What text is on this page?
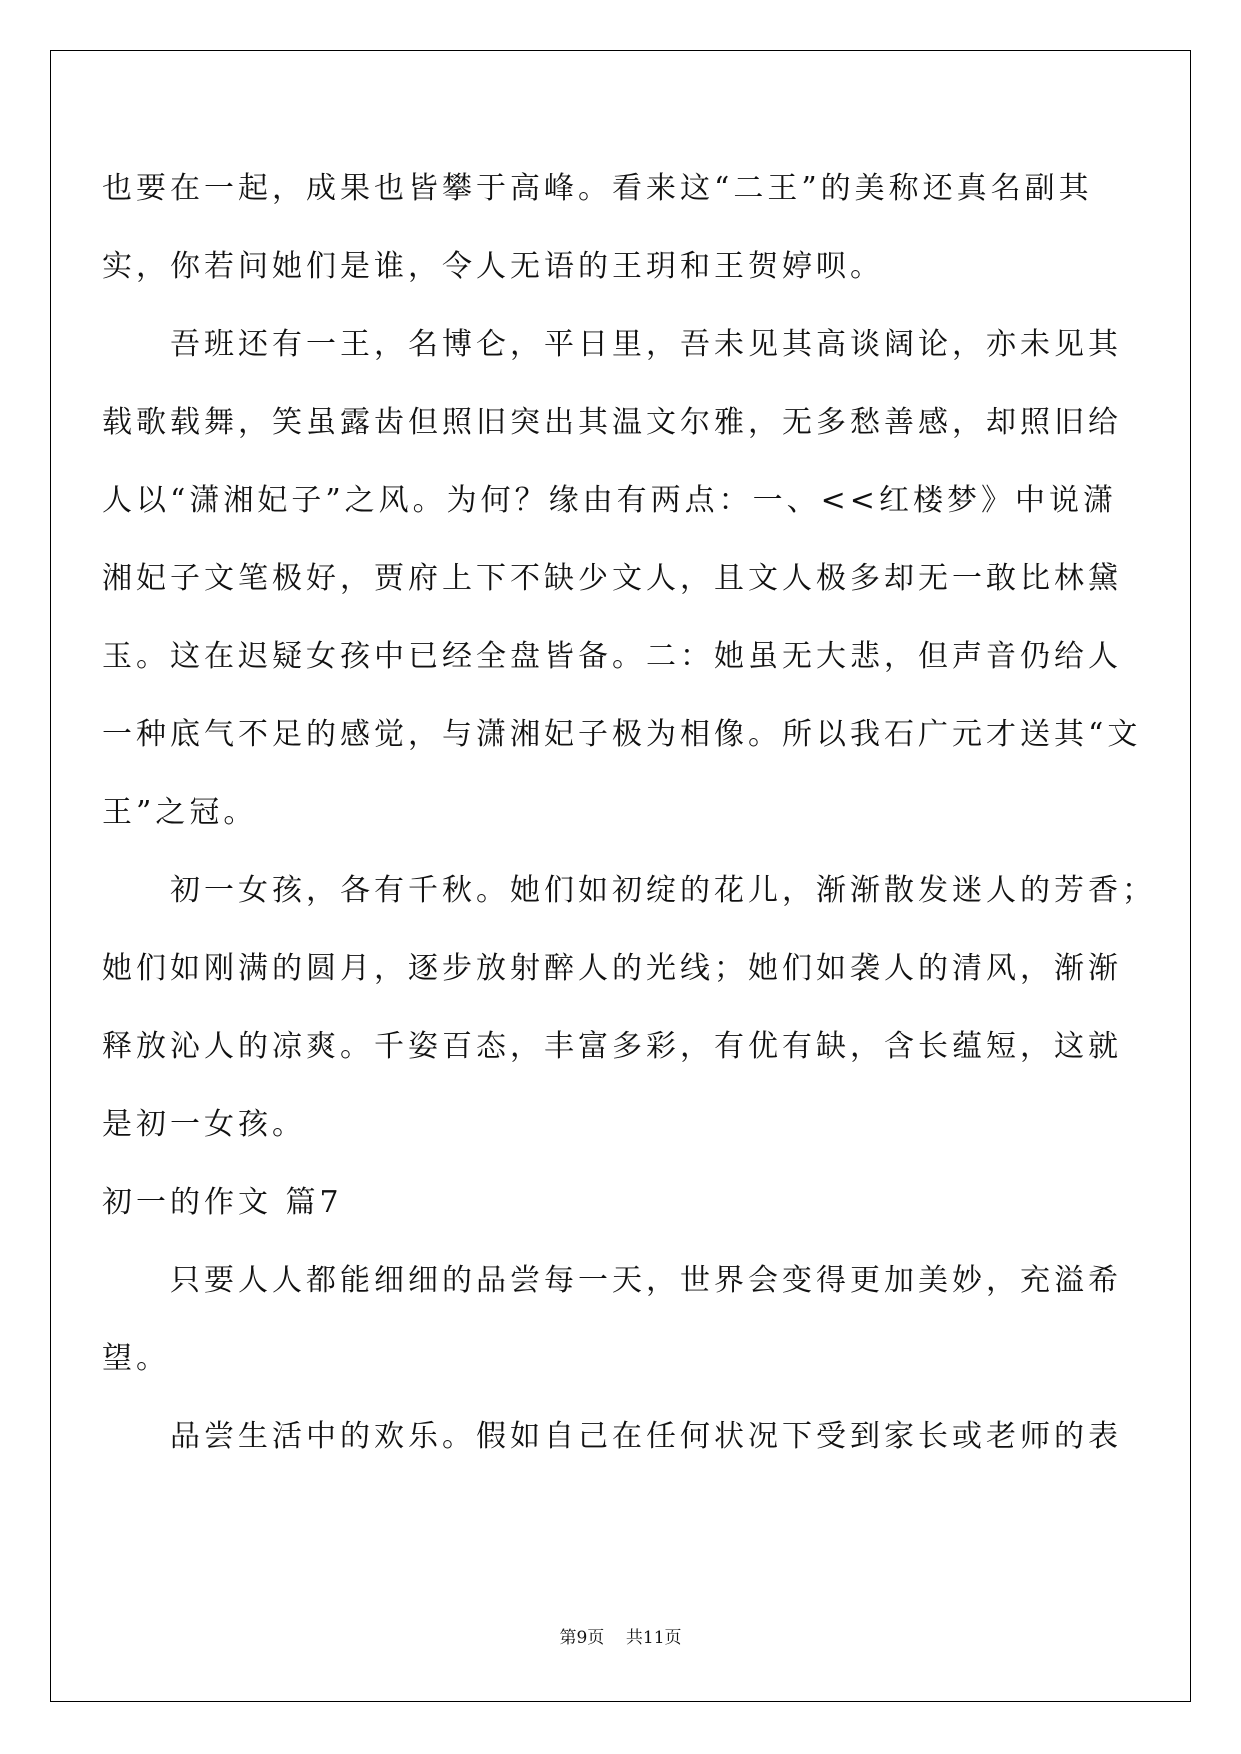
也要在一起，成果也皆攀于高峰。看来这“二王”的美称还真名副其
实，你若问她们是谁，令人无语的王玥和王贺婷呗。
吾班还有一王，名博仑，平日里，吾未见其高谈阔论，亦未见其
载歌载舞，笑虽露齿但照旧突出其温文尔雅，无多愁善感，却照旧给
人以“潇湘妃子”之风。为何？缘由有两点：一、<<红楼梦》中说潇
湘妃子文笔极好，贾府上下不缺少文人，且文人极多却无一敢比林黛
玉。这在迟疑女孩中已经全盘皆备。二：她虽无大悲，但声音仍给人
一种底气不足的感觉，与潇湘妃子极为相像。所以我石广元才送其“文
王”之冠。
初一女孩，各有千秋。她们如初绽的花儿，渐渐散发迷人的芳香；
她们如刚满的圆月，逐步放射醉人的光线；她们如袭人的清风，渐渐
释放沁人的凉爽。千姿百态，丰富多彩，有优有缺，含长蕴短，这就
是初一女孩。
初一的作文 篇7
只要人人都能细细的品尝每一天，世界会变得更加美妙，充溢希
望。
品尝生活中的欢乐。假如自己在任何状况下受到家长或老师的表
第9页 共11页
